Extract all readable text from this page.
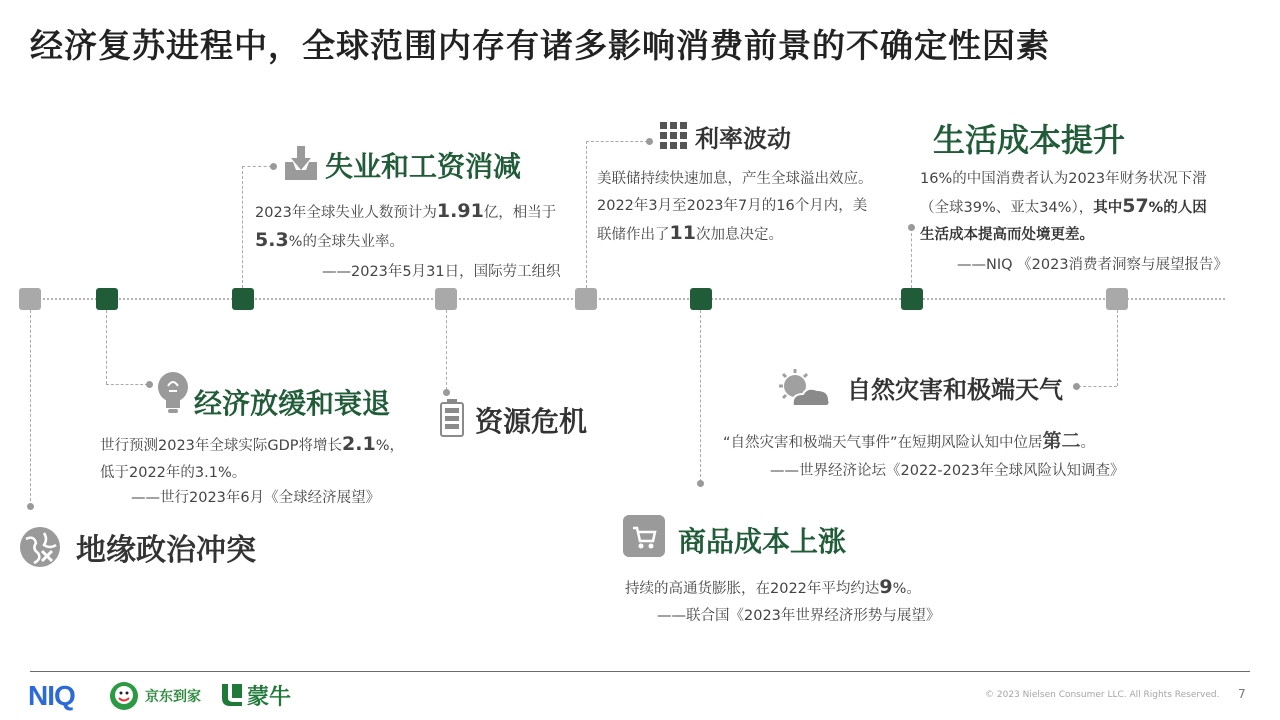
经济复苏进程中，全球范围内存有诸多影响消费前景的不确定性因素
失业和工资消减
2023年全球失业人数预计为1.91亿，相当于
5.3%的全球失业率。
——2023年5月31日，国际劳工组织
利率波动
美联储持续快速加息，产生全球溢出效应。
2022年3月至2023年7月的16个月内，美
联储作出了11次加息决定。
生活成本提升
16%的中国消费者认为2023年财务状况下滑
（全球39%、亚太34%），其中57%的人因
生活成本提高而处境更差。
——NIQ 《2023消费者洞察与展望报告》
经济放缓和衰退
世行预测2023年全球实际GDP将增长2.1%，
低于2022年的3.1%。
——世行2023年6月《全球经济展望》
资源危机
自然灾害和极端天气
“自然灾害和极端天气事件”在短期风险认知中位居第二。
——世界经济论坛《2022-2023年全球风险认知调查》
商品成本上涨
持续的高通货膨胀，在2022年平均约达9%。
——联合国《2023年世界经济形势与展望》
地缘政治冲突
NIQ	京东到家 蒙牛	© 2023 Nielsen Consumer LLC. All Rights Reserved. 7
